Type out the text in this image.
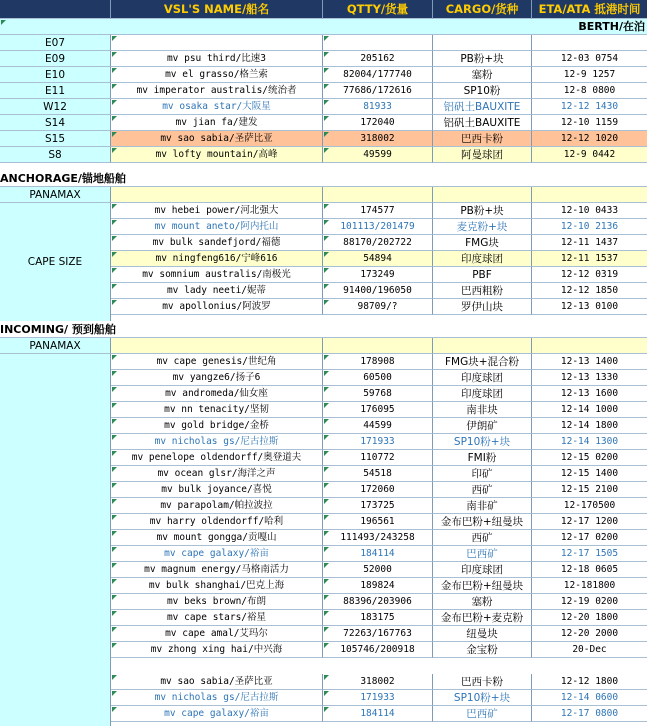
VSL'S NAME/船名	QTTY/货量	CARGO/货种	ETA/ATA 抵港时间
BERTH/在泊
E07
E09	mv psu third/比速3	205162	PB粉+块	12-03 0754
E10	mv el grasso/格兰索	82004/177740	塞粉	12-9 1257
E11	mv imperator australis/统治者	77686/172616	SP10粉	12-8 0800
W12	mv osaka star/大阪星	81933	铝矾土BAUXITE	12-12 1430
S14	mv jian fa/建发	172040	铝矾土BAUXITE	12-10 1159
S15	mv sao sabia/圣萨比亚	318002	巴西卡粉	12-12 1020
S8	mv lofty mountain/高峰	49599	阿曼球团	12-9 0442
ANCHORAGE/锚地船舶
PANAMAX
CAPE SIZE
mv hebei power/河北强大	174577	PB粉+块	12-10 0433
mv mount aneto/阿内托山	101113/201479	麦克粉+块	12-10 2136
mv bulk sandefjord/福德	88170/202722	FMG块	12-11 1437
mv ningfeng616/宁峰616	54894	印度球团	12-11 1537
mv somnium australis/南极光	173249	PBF	12-12 0319
mv lady neeti/妮蒂	91400/196050	巴西粗粉	12-12 1850
mv apollonius/阿波罗	98709/?	罗伊山块	12-13 0100
INCOMING/ 预到船舶
PANAMAX
mv cape genesis/世纪角	178908	FMG块+混合粉	12-13 1400
mv yangze6/扬子6	60500	印度球团	12-13 1330
mv andromeda/仙女座	59768	印度球团	12-13 1600
mv nn tenacity/坚韧	176095	南非块	12-14 1000
mv gold bridge/金桥	44599	伊朗矿	12-14 1800
mv nicholas gs/尼古拉斯	171933	SP10粉+块	12-14 1300
mv penelope oldendorff/奥登道夫	110772	FMI粉	12-15 0200
mv ocean glsr/海洋之声	54518	印矿	12-15 1400
mv bulk joyance/喜悦	172060	西矿	12-15 2100
mv parapolam/帕拉波拉	173725	南非矿	12-170500
mv harry oldendorff/哈利	196561	金布巴粉+纽曼块	12-17 1200
mv mount gongga/贡嘎山	111493/243258	西矿	12-17 0200
mv cape galaxy/裕亩	184114	巴西矿	12-17 1505
mv magnum energy/马格南活力	52000	印度球团	12-18 0605
mv bulk shanghai/巴克上海	189824	金布巴粉+纽曼块	12-181800
mv beks brown/布朗	88396/203906	塞粉	12-19 0200
mv cape stars/裕星	183175	金布巴粉+麦克粉	12-20 1800
mv cape amal/艾玛尔	72263/167763	纽曼块	12-20 2000
mv zhong xing hai/中兴海	105746/200918	金宝粉	20-Dec
mv sao sabia/圣萨比亚	318002	巴西卡粉	12-12 1800
mv nicholas gs/尼古拉斯	171933	SP10粉+块	12-14 0600
mv cape galaxy/裕亩	184114	巴西矿	12-17 0800
